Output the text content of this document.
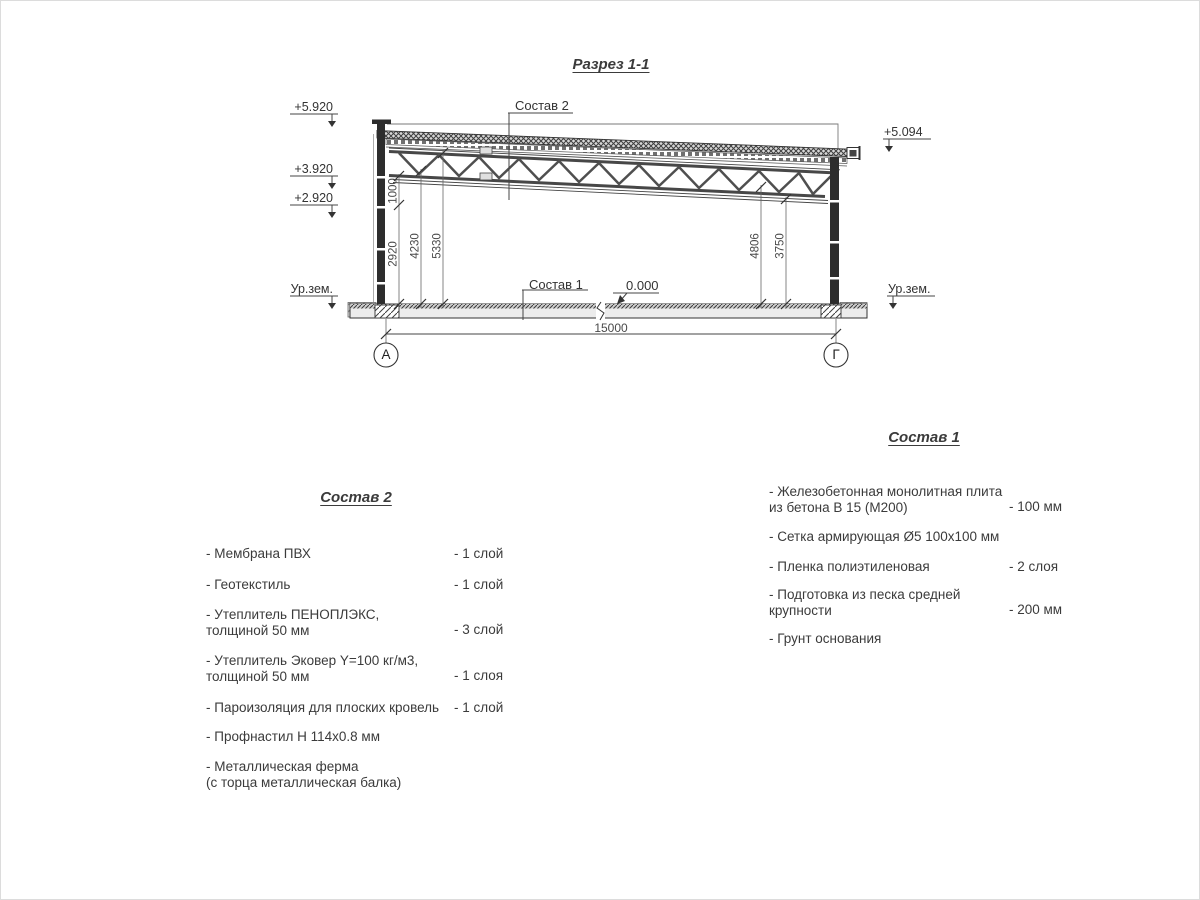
Разрез 1-1
+5.920
+3.920
+2.920
Ур.зем.
+5.094
Ур.зем.
Состав 2
Состав 1	0.000
2920
1000
4230 5330	4806 3750
15000
А	Г
Состав 2
- Мембрана ПВХ	- 1 слой
- Геотекстиль	- 1 слой
- Утеплитель ПЕНОПЛЭКС,
толщиной 50 мм	- 3 слой
- Утеплитель Эковер Y=100 кг/м3,
толщиной 50 мм	- 1 слоя
- Пароизоляция для плоских кровель	- 1 слой
- Профнастил Н 114х0.8 мм
- Металлическая ферма
(с торца металлическая балка)
Состав 1
- Железобетонная монолитная плита
из бетона В 15 (М200)	- 100 мм
- Сетка армирующая Ø5 100х100 мм
- Пленка полиэтиленовая	- 2 слоя
- Подготовка из песка средней
крупности	- 200 мм
- Грунт основания
